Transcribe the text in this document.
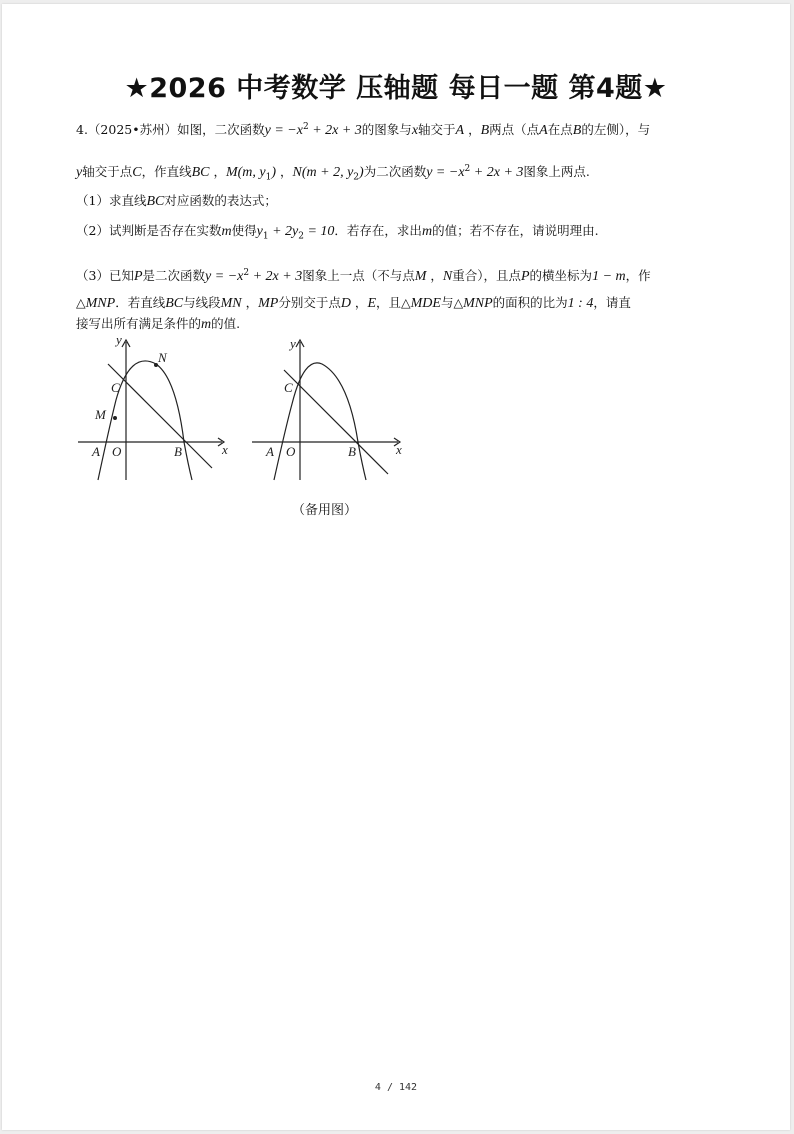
★2026 中考数学 压轴题 每日一题 第4题★
4.（2025•苏州）如图，二次函数$y = -x^2 + 2x + 3$的图象与x轴交于A ，B两点（点A在点B的左侧），与
y轴交于点C，作直线BC ，M(m, $y_1$) ，N(m + 2, $y_2$)为二次函数$y = -x^2 + 2x + 3$图象上两点.
（1）求直线BC对应函数的表达式；
（2）试判断是否存在实数m使得$y_1 + 2y_2 = 10$．若存在，求出m的值；若不存在，请说明理由.
（3）已知P是二次函数$y = -x^2 + 2x + 3$图象上一点（不与点M ，N重合），且点P的横坐标为1 − m，作
△MNP．若直线BC与线段MN ，MP分别交于点D ，E，且△MDE与△MNP的面积的比为1 : 4，请直
接写出所有满足条件的m的值.
y
x
A O	B
C
M
N
y
x
A O	B
C
（备用图）
4 / 142
